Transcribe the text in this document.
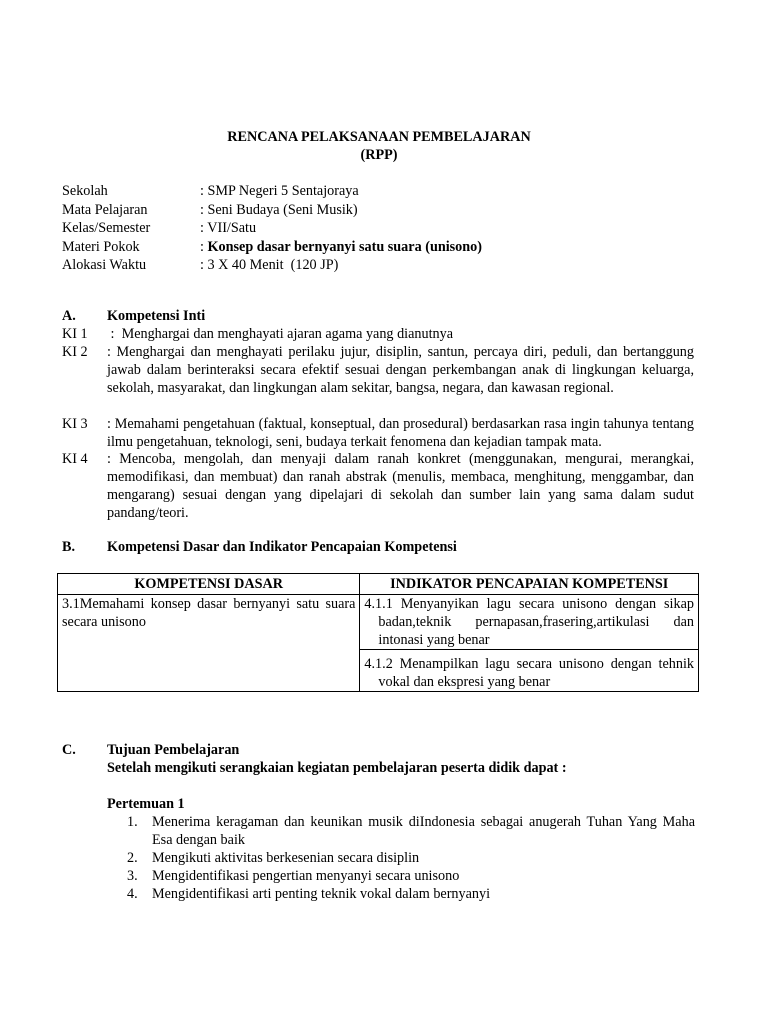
RENCANA PELAKSANAAN PEMBELAJARAN
(RPP)
Sekolah	: SMP Negeri 5 Sentajoraya
Mata Pelajaran	: Seni Budaya (Seni Musik)
Kelas/Semester	: VII/Satu
Materi Pokok	: Konsep dasar bernyanyi satu suara (unisono)
Alokasi Waktu	: 3 X 40 Menit  (120 JP)
A. Kompetensi Inti
KI 1 :  Menghargai dan menghayati ajaran agama yang dianutnya
KI 2 : Menghargai dan menghayati perilaku jujur, disiplin, santun, percaya diri, peduli, dan bertanggung jawab dalam berinteraksi secara efektif sesuai dengan perkembangan anak di lingkungan keluarga, sekolah, masyarakat, dan lingkungan alam sekitar, bangsa, negara, dan kawasan regional.
KI 3 : Memahami pengetahuan (faktual, konseptual, dan prosedural) berdasarkan rasa ingin tahunya tentang ilmu pengetahuan, teknologi, seni, budaya terkait fenomena dan kejadian tampak mata.
KI 4 : Mencoba, mengolah, dan menyaji dalam ranah konkret (menggunakan, mengurai, merangkai, memodifikasi, dan membuat) dan ranah abstrak (menulis, membaca, menghitung, menggambar, dan mengarang) sesuai dengan yang dipelajari di sekolah dan sumber lain yang sama dalam sudut pandang/teori.
B. Kompetensi Dasar dan Indikator Pencapaian Kompetensi
KOMPETENSI DASAR	INDIKATOR PENCAPAIAN KOMPETENSI
3.1Memahami konsep dasar bernyanyi satu suara secara unisono	4.1.1 Menyanyikan lagu secara unisono dengan sikap badan,teknik pernapasan,frasering,artikulasi dan intonasi yang benar

	4.1.2 Menampilkan lagu secara unisono dengan tehnik vokal dan ekspresi yang benar
C. Tujuan Pembelajaran
Setelah mengikuti serangkaian kegiatan pembelajaran peserta didik dapat :
Pertemuan 1
1. Menerima keragaman dan keunikan musik diIndonesia sebagai anugerah Tuhan Yang Maha Esa dengan baik
2. Mengikuti aktivitas berkesenian secara disiplin
3. Mengidentifikasi pengertian menyanyi secara unisono
4. Mengidentifikasi arti penting teknik vokal dalam bernyanyi
